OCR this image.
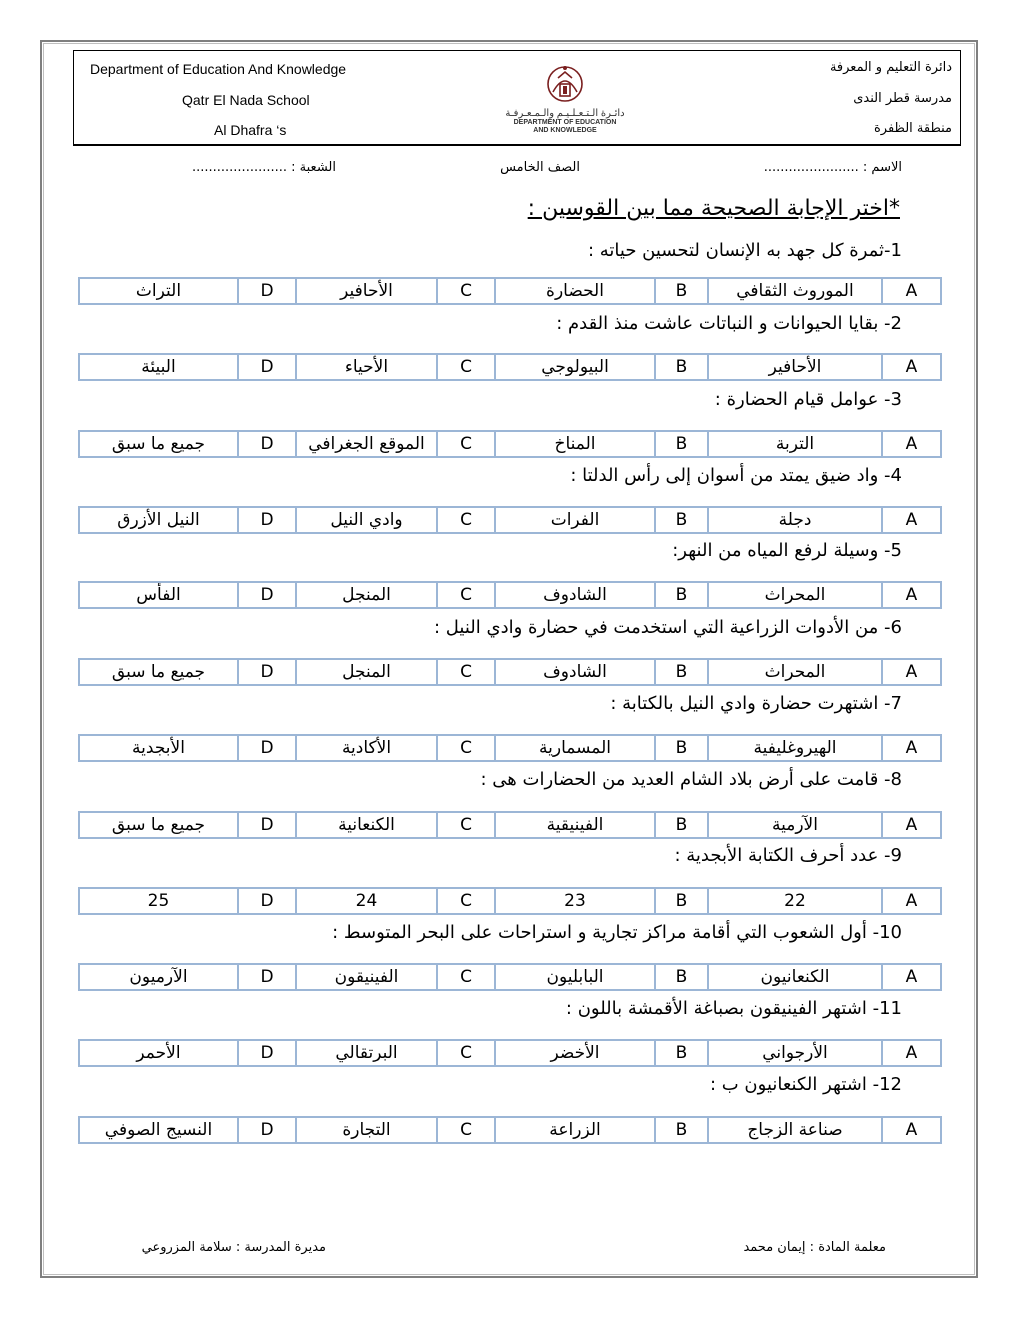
Department of Education And Knowledge
Qatr El Nada School
Al Dhafra ‘s
دائرة التعليم و المعرفة
مدرسة قطر الندى
منطقة الظفرة
دائـرة الـتـعـلـيـم والـمـعـرفـة
DEPARTMENT OF EDUCATION
AND KNOWLEDGE
الاسم : .......................
الصف الخامس
الشعبة : .......................
*اختر الإجابة الصحيحة مما بين القوسين :
1-ثمرة كل جهد به الإنسان لتحسين حياته :
التراث	D	الأحافير	C	الحضارة	B	الموروث الثقافي	A
2- بقايا الحيوانات و النباتات عاشت منذ القدم :
البيئة	D	الأحياء	C	البيولوجي	B	الأحافير	A
3- عوامل قيام الحضارة :
جميع ما سبق	D	الموقع الجغرافي	C	المناخ	B	التربة	A
4- واد ضيق يمتد من أسوان إلى رأس الدلتا :
النيل الأزرق	D	وادي النيل	C	الفرات	B	دجلة	A
5- وسيلة لرفع المياه من النهر:
الفأس	D	المنجل	C	الشادوف	B	المحراث	A
6- من الأدوات الزراعية التي استخدمت في حضارة وادي النيل :
جميع ما سبق	D	المنجل	C	الشادوف	B	المحراث	A
7- اشتهرت حضارة وادي النيل بالكتابة :
الأبجدية	D	الأكادية	C	المسمارية	B	الهيروغليفية	A
8- قامت على أرض بلاد الشام العديد من الحضارات هى :
جميع ما سبق	D	الكنعانية	C	الفينيقية	B	الآرمية	A
9- عدد أحرف الكتابة الأبجدية :
25	D	24	C	23	B	22	A
10- أول الشعوب التي أقامة مراكز تجارية و استراحات على البحر المتوسط :
الآرميون	D	الفينيقون	C	البابليون	B	الكنعانيون	A
11- اشتهر الفينيقون بصباغة الأقمشة باللون :
الأحمر	D	البرتقالي	C	الأخضر	B	الأرجواني	A
12- اشتهر الكنعانيون ب :
النسيج الصوفي	D	التجارة	C	الزراعة	B	صناعة الزجاج	A
معلمة المادة : إيمان محمد
مديرة المدرسة : سلامة المزروعي
